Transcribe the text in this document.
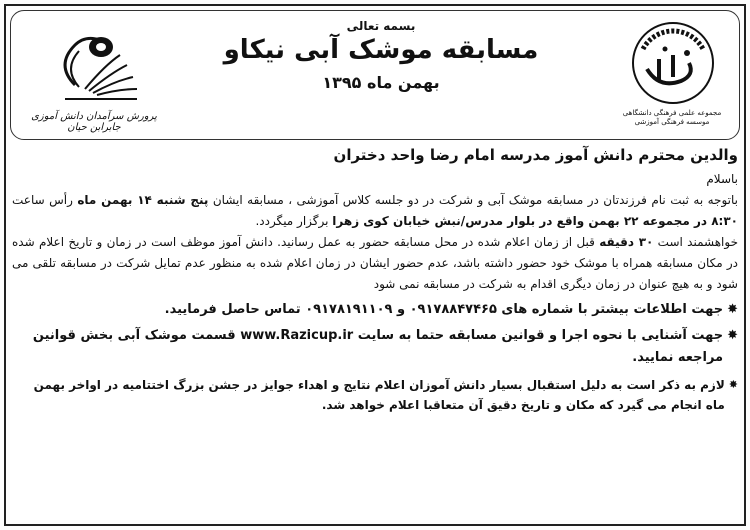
پرورش سرآمدان دانش آموزی جابرابن حیان
بسمه تعالی
مسابقه موشک آبی نیکاو
بهمن ماه ۱۳۹۵
مجموعه علمی فرهنگی دانشگاهی
موسسه فرهنگی آموزشی
والدین محترم دانش آموز مدرسه امام رضا واحد دختران
باسلام

باتوجه به ثبت نام فرزندتان در مسابقه موشک آبی و شرکت در دو جلسه کلاس آموزشی ، مسابقه ایشان پنج شنبه ۱۴ بهمن ماه رأس ساعت ۸:۳۰ در مجموعه ۲۲ بهمن واقع در بلوار مدرس/نبش خیابان کوی زهرا برگزار میگردد.

خواهشمند است ۳۰ دقیقه قبل از زمان اعلام شده در محل مسابقه حضور به عمل رسانید. دانش آموز موظف است در زمان و تاریخ اعلام شده در مکان مسابقه همراه با موشک خود حضور داشته باشد، عدم حضور ایشان در زمان اعلام شده به منظور عدم تمایل شرکت در مسابقه تلقی می شود و به هیچ عنوان در زمان دیگری اقدام به شرکت در مسابقه نمی شود

✸
جهت اطلاعات بیشتر با شماره های ۰۹۱۷۸۸۴۷۴۶۵ و ۰۹۱۷۸۱۹۱۱۰۹ تماس حاصل فرمایید.
✸
جهت آشنایی با نحوه اجرا و قوانین مسابقه حتما به سایت www.Razicup.ir قسمت موشک آبی بخش قوانین مراجعه نمایید.
✸
لازم به ذکر است به دلیل استقبال بسیار دانش آموزان اعلام نتایج و اهداء جوایز در جشن بزرگ اختتامیه در اواخر بهمن ماه انجام می گیرد که مکان و تاریخ دقیق آن متعاقبا اعلام خواهد شد.
